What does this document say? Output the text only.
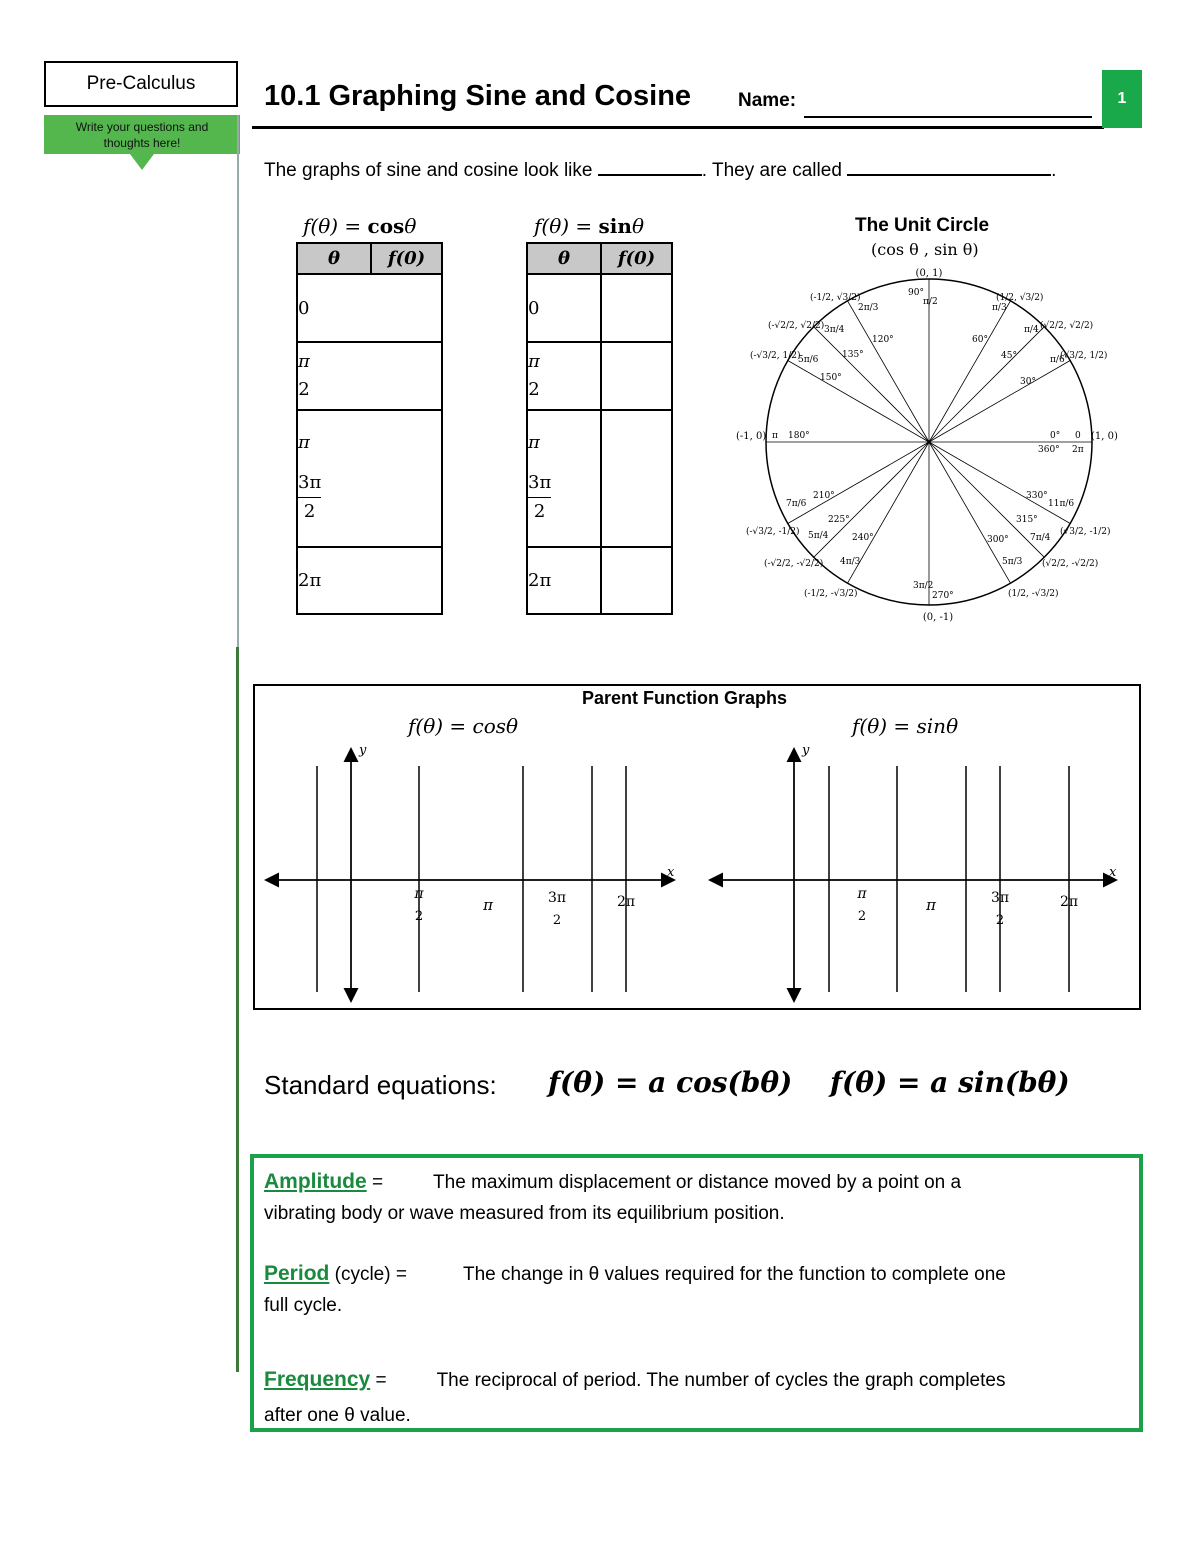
Pre-Calculus
Write your questions and
thoughts here!
10.1 Graphing Sine and Cosine Name:	1
The graphs of sine and cosine look like	. They are called	.
f(θ) = cosθ
θ	f(0)
0

π
2

π
$\frac{3\pi}{2}$

2π
f(θ) = sinθ
θ	f(0)
0	

π
2	

π
$\frac{3\pi}{2}$

2π	
The Unit Circle
(cos θ , sin θ)
(0, 1)
(0, -1)
(-1, 0)	(1, 0)
90°
120°
135°
150°
180°
210°
225°
240°
270°
300°
315°
330°
30°
45°
60°
0°
360°
π/2
2π/3
3π/4
5π/6
π
7π/6
5π/4
4π/3
3π/2
5π/3
7π/4
11π/6
π/6
π/4
π/3
0
2π
(-1/2, √3/2)
(-√2/2, √2/2)
(-√3/2, 1/2)
(-√3/2, -1/2)
(-√2/2, -√2/2)
(-1/2, -√3/2)	(1/2, -√3/2)
(√2/2, -√2/2)
(√3/2, -1/2)
(√3/2, 1/2)
(√2/2, √2/2)
(1/2, √3/2)
Parent Function Graphs
f(θ) = cosθ	f(θ) = sinθ
y
x
y
x
π
2
π	3π
2
2π	π
2
π	3π
2
2π
Standard equations: f(θ) = a cos(bθ) f(θ) = a sin(bθ)
Amplitude =	The maximum displacement or distance moved by a point on a
vibrating body or wave measured from its equilibrium position.
Period (cycle) =	The change in θ values required for the function to complete one
full cycle.
Frequency =	The reciprocal of period. The number of cycles the graph completes
after one θ value.
